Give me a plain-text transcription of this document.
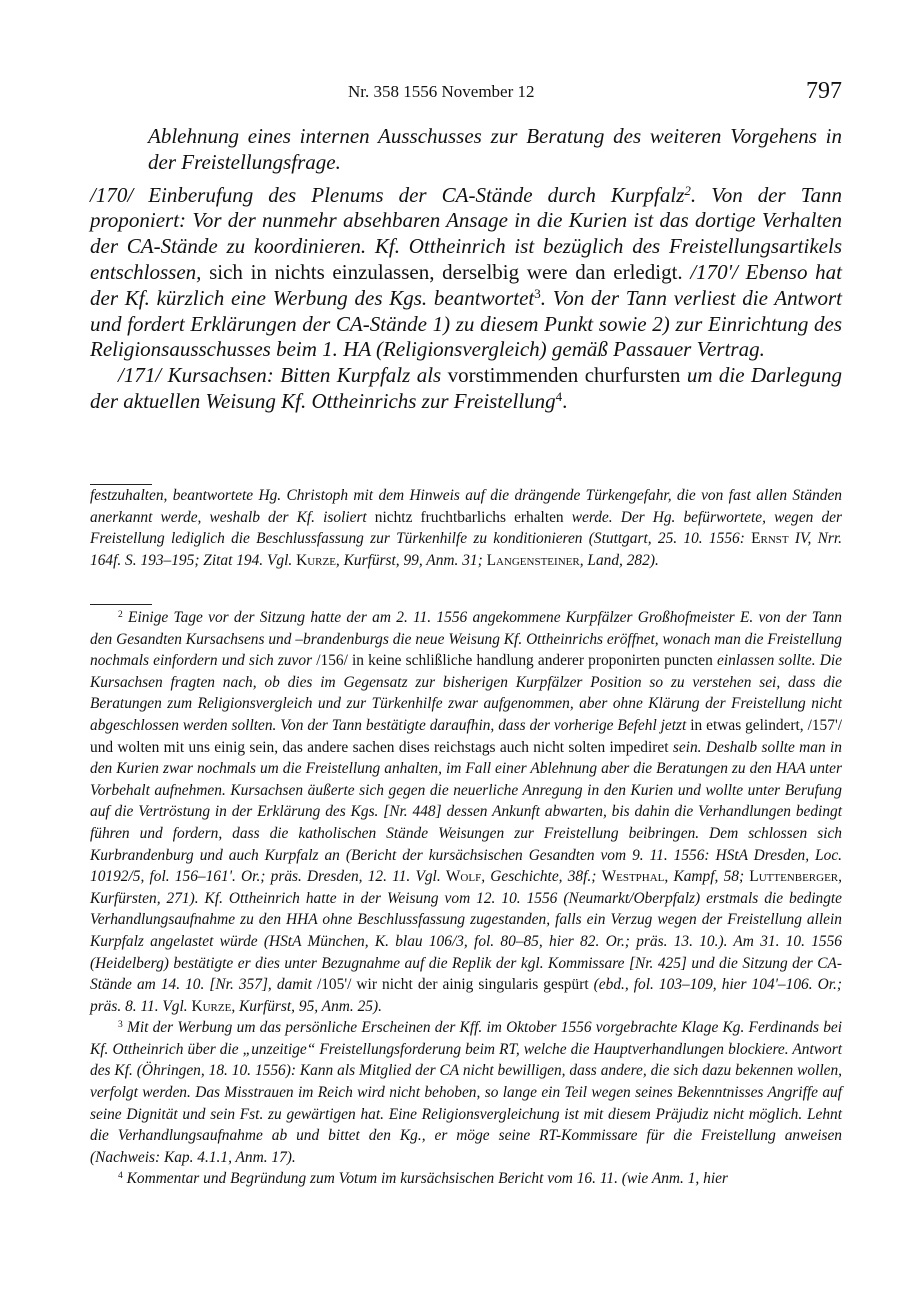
Nr. 358 1556 November 12	797

Ablehnung eines internen Ausschusses zur Beratung des weiteren Vorgehens in der Freistellungsfrage.

/170/ Einberufung des Plenums der CA-Stände durch Kurpfalz$^2$. Von der Tann proponiert: Vor der nunmehr absehbaren Ansage in die Kurien ist das dortige Verhalten der CA-Stände zu koordinieren. Kf. Ottheinrich ist bezüglich des Freistellungsartikels entschlossen, sich in nichts einzulassen, derselbig were dan erledigt. /170'/ Ebenso hat der Kf. kürzlich eine Werbung des Kgs. beantwortet$^3$. Von der Tann verliest die Antwort und fordert Erklärungen der CA-Stände 1) zu diesem Punkt sowie 2) zur Einrichtung des Religionsausschusses beim 1. HA (Religionsvergleich) gemäß Passauer Vertrag.

/171/ Kursachsen: Bitten Kurpfalz als vorstimmenden churfursten um die Darlegung der aktuellen Weisung Kf. Ottheinrichs zur Freistellung$^4$.

festzuhalten, beantwortete Hg. Christoph mit dem Hinweis auf die drängende Türkengefahr, die von fast allen Ständen anerkannt werde, weshalb der Kf. isoliert nichtz fruchtbarlichs erhalten werde. Der Hg. befürwortete, wegen der Freistellung lediglich die Beschlussfassung zur Türkenhilfe zu konditionieren (Stuttgart, 25. 10. 1556: Ernst IV, Nrr. 164f. S. 193–195; Zitat 194. Vgl. Kurze, Kurfürst, 99, Anm. 31; Langensteiner, Land, 282).

$^2$ Einige Tage vor der Sitzung hatte der am 2. 11. 1556 angekommene Kurpfälzer Großhofmeister E. von der Tann den Gesandten Kursachsens und –brandenburgs die neue Weisung Kf. Ottheinrichs eröffnet, wonach man die Freistellung nochmals einfordern und sich zuvor /156/ in keine schlißliche handlung anderer proponirten puncten einlassen sollte. Die Kursachsen fragten nach, ob dies im Gegensatz zur bisherigen Kurpfälzer Position so zu verstehen sei, dass die Beratungen zum Religionsvergleich und zur Türkenhilfe zwar aufgenommen, aber ohne Klärung der Freistellung nicht abgeschlossen werden sollten. Von der Tann bestätigte daraufhin, dass der vorherige Befehl jetzt in etwas gelindert, /157'/ und wolten mit uns einig sein, das andere sachen dises reichstags auch nicht solten impediret sein. Deshalb sollte man in den Kurien zwar nochmals um die Freistellung anhalten, im Fall einer Ablehnung aber die Beratungen zu den HAA unter Vorbehalt aufnehmen. Kursachsen äußerte sich gegen die neuerliche Anregung in den Kurien und wollte unter Berufung auf die Vertröstung in der Erklärung des Kgs. [Nr. 448] dessen Ankunft abwarten, bis dahin die Verhandlungen bedingt führen und fordern, dass die katholischen Stände Weisungen zur Freistellung beibringen. Dem schlossen sich Kurbrandenburg und auch Kurpfalz an (Bericht der kursächsischen Gesandten vom 9. 11. 1556: HStA Dresden, Loc. 10192/5, fol. 156–161'. Or.; präs. Dresden, 12. 11. Vgl. Wolf, Geschichte, 38f.; Westphal, Kampf, 58; Luttenberger, Kurfürsten, 271). Kf. Ottheinrich hatte in der Weisung vom 12. 10. 1556 (Neumarkt/Oberpfalz) erstmals die bedingte Verhandlungsaufnahme zu den HHA ohne Beschlussfassung zugestanden, falls ein Verzug wegen der Freistellung allein Kurpfalz angelastet würde (HStA München, K. blau 106/3, fol. 80–85, hier 82. Or.; präs. 13. 10.). Am 31. 10. 1556 (Heidelberg) bestätigte er dies unter Bezugnahme auf die Replik der kgl. Kommissare [Nr. 425] und die Sitzung der CA-Stände am 14. 10. [Nr. 357], damit /105'/ wir nicht der ainig singularis gespürt (ebd., fol. 103–109, hier 104'–106. Or.; präs. 8. 11. Vgl. Kurze, Kurfürst, 95, Anm. 25).

$^3$ Mit der Werbung um das persönliche Erscheinen der Kff. im Oktober 1556 vorgebrachte Klage Kg. Ferdinands bei Kf. Ottheinrich über die „unzeitige“ Freistellungsforderung beim RT, welche die Hauptverhandlungen blockiere. Antwort des Kf. (Öhringen, 18. 10. 1556): Kann als Mitglied der CA nicht bewilligen, dass andere, die sich dazu bekennen wollen, verfolgt werden. Das Misstrauen im Reich wird nicht behoben, so lange ein Teil wegen seines Bekenntnisses Angriffe auf seine Dignität und sein Fst. zu gewärtigen hat. Eine Religionsvergleichung ist mit diesem Präjudiz nicht möglich. Lehnt die Verhandlungsaufnahme ab und bittet den Kg., er möge seine RT-Kommissare für die Freistellung anweisen (Nachweis: Kap. 4.1.1, Anm. 17).

$^4$ Kommentar und Begründung zum Votum im kursächsischen Bericht vom 16. 11. (wie Anm. 1, hier
